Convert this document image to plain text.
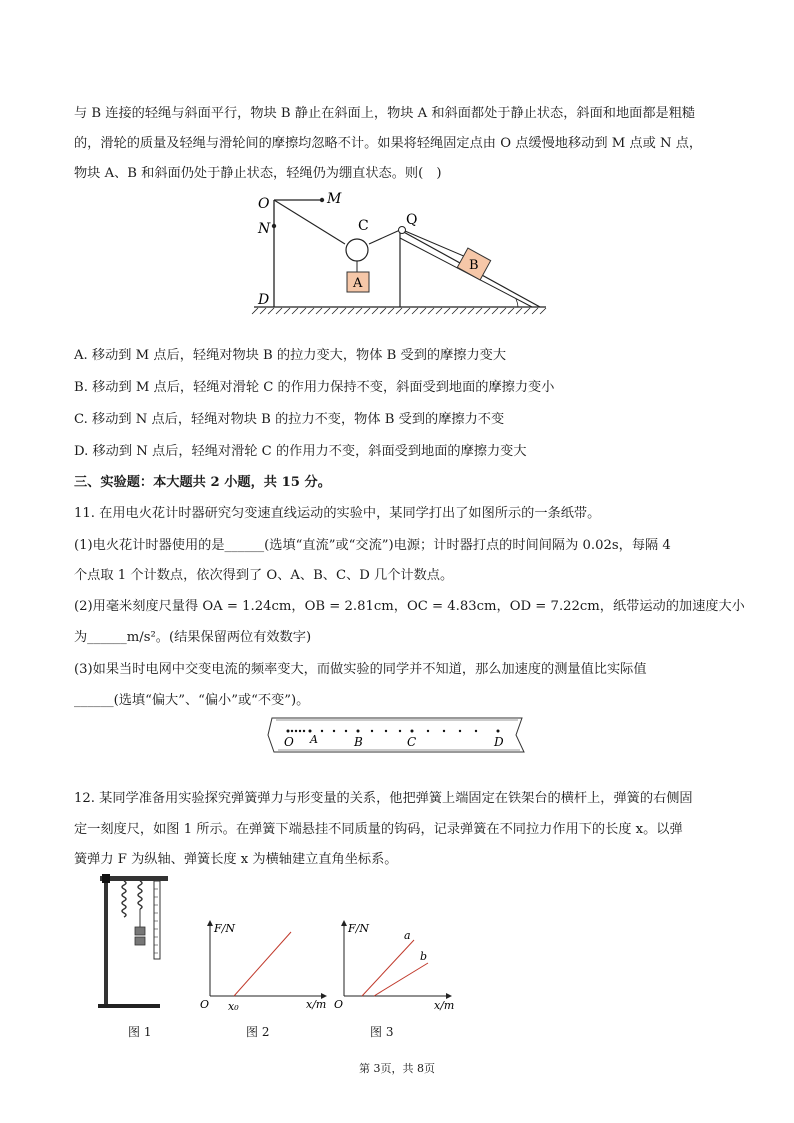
与 B 连接的轻绳与斜面平行，物块 B 静止在斜面上，物块 A 和斜面都处于静止状态，斜面和地面都是粗糙
的，滑轮的质量及轻绳与滑轮间的摩擦均忽略不计。如果将轻绳固定点由 O 点缓慢地移动到 M 点或 N 点，
物块 A、B 和斜面仍处于静止状态，轻绳仍为绷直状态。则(　)
O
N
D
M
C	Q
A
B
A. 移动到 M 点后，轻绳对物块 B 的拉力变大，物体 B 受到的摩擦力变大
B. 移动到 M 点后，轻绳对滑轮 C 的作用力保持不变，斜面受到地面的摩擦力变小
C. 移动到 N 点后，轻绳对物块 B 的拉力不变，物体 B 受到的摩擦力不变
D. 移动到 N 点后，轻绳对滑轮 C 的作用力不变，斜面受到地面的摩擦力变大
三、实验题：本大题共 2 小题，共 15 分。
11. 在用电火花计时器研究匀变速直线运动的实验中，某同学打出了如图所示的一条纸带。
(1)电火花计时器使用的是______(选填“直流”或“交流”)电源；计时器打点的时间间隔为 0.02s，每隔 4
个点取 1 个计数点，依次得到了 O、A、B、C、D 几个计数点。
(2)用毫米刻度尺量得 OA = 1.24cm，OB = 2.81cm，OC = 4.83cm，OD = 7.22cm，纸带运动的加速度大小
为______m/s²。(结果保留两位有效数字)
(3)如果当时电网中交变电流的频率变大，而做实验的同学并不知道，那么加速度的测量值比实际值
______(选填“偏大”、“偏小”或“不变”)。
O A	B	C	D
12. 某同学准备用实验探究弹簧弹力与形变量的关系，他把弹簧上端固定在铁架台的横杆上，弹簧的右侧固
定一刻度尺，如图 1 所示。在弹簧下端悬挂不同质量的钩码，记录弹簧在不同拉力作用下的长度 x。以弹
簧弹力 F 为纵轴、弹簧长度 x 为横轴建立直角坐标系。
F/N
x/m
O x₀
F/N
x/m
O
a
b
图 1	图 2	图 3
第 3页，共 8页
